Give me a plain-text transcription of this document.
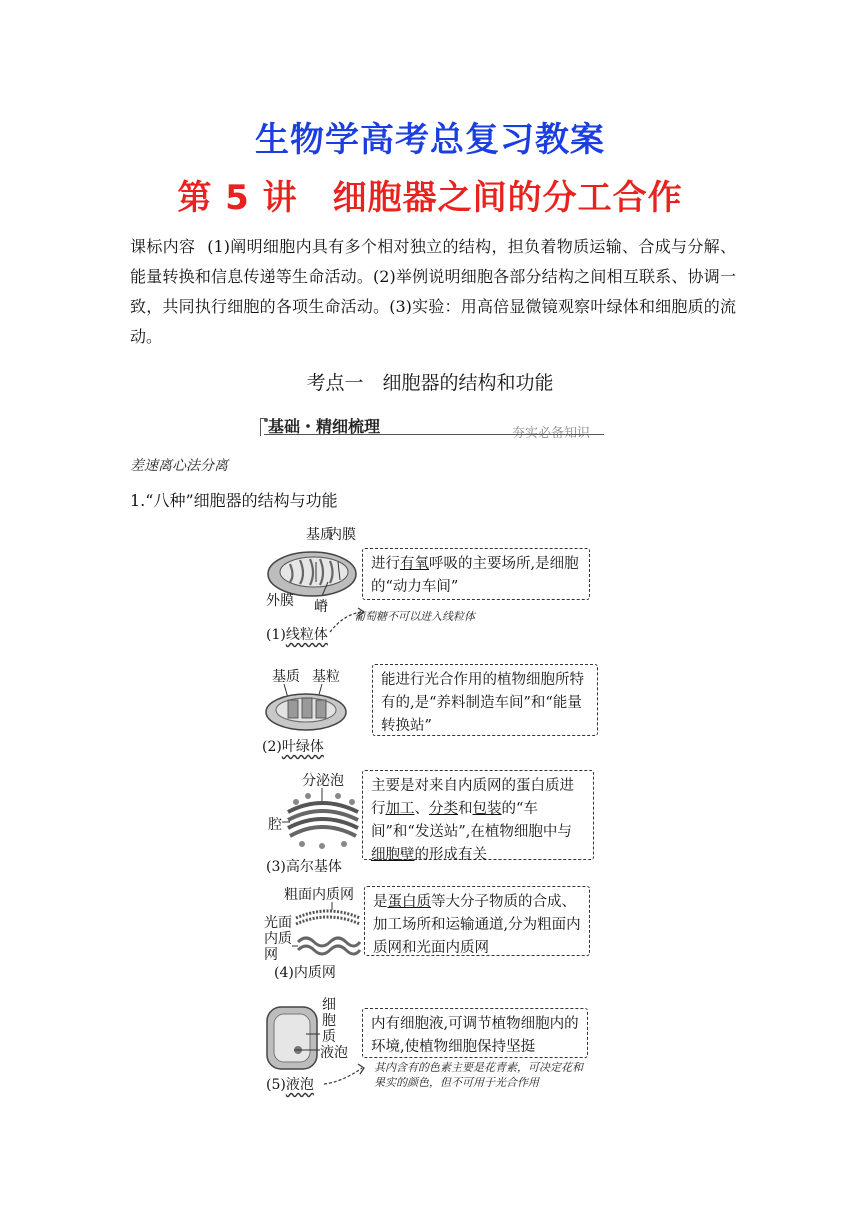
生物学高考总复习教案
第 5 讲　细胞器之间的分工合作
课标内容 (1)阐明细胞内具有多个相对独立的结构，担负着物质运输、合成与分解、能量转换和信息传递等生命活动。(2)举例说明细胞各部分结构之间相互联系、协调一致，共同执行细胞的各项生命活动。(3)实验：用高倍显微镜观察叶绿体和细胞质的流动。
考点一　细胞器的结构和功能
基础・精细梳理	夯实必备知识
差速离心法分离
1.“八种”细胞器的结构与功能
基质
内膜
外膜 嵴
进行有氧呼吸的主要场所,是细胞的“动力车间”
(1)线粒体
葡萄糖不可以进入线粒体
基质 基粒	能进行光合作用的植物细胞所特有的,是“养料制造车间”和“能量转换站”
(2)叶绿体
分泌泡
腔
主要是对来自内质网的蛋白质进行加工、分类和包装的“车间”和“发送站”,在植物细胞中与细胞壁的形成有关
(3)高尔基体
粗面内质网
光面
内质
网
是蛋白质等大分子物质的合成、加工场所和运输通道,分为粗面内质网和光面内质网
(4)内质网
细
胞
质
液泡
内有细胞液,可调节植物细胞内的环境,使植物细胞保持坚挺
(5)液泡
其内含有的色素主要是花青素，可决定花和
果实的颜色，但不可用于光合作用
